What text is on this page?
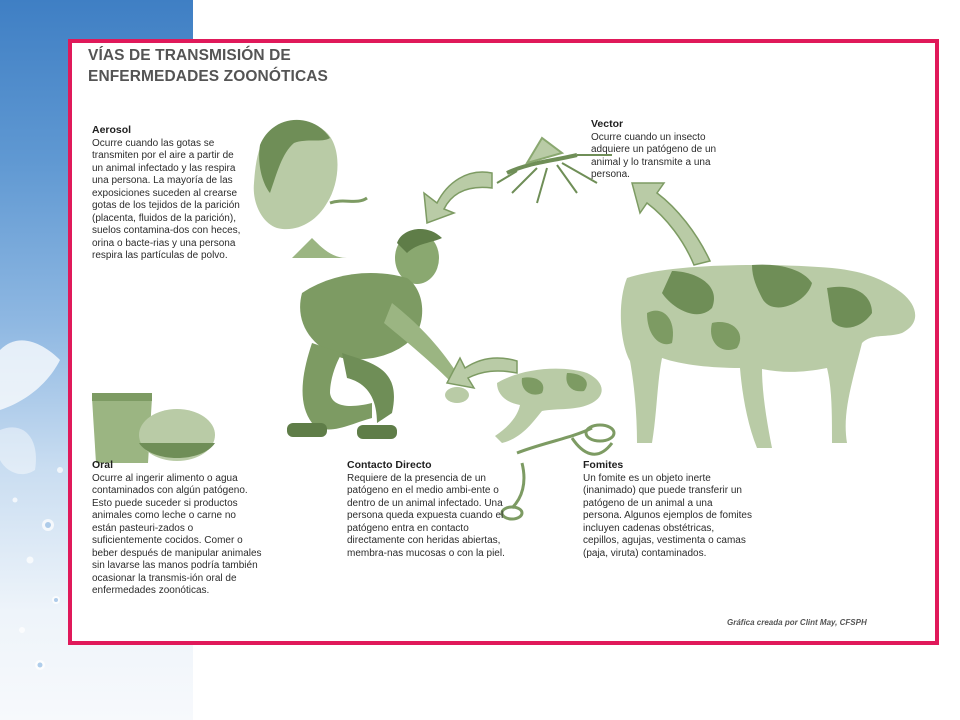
VÍAS DE TRANSMISIÓN DE
ENFERMEDADES ZOONÓTICAS
Aerosol

Ocurre cuando las gotas se transmiten por el aire a partir de un animal infectado y las respira una persona. La mayoría de las exposiciones suceden al crearse gotas de los tejidos de la parición (placenta, fluidos de la parición), suelos contamina-dos con heces, orina o bacte-rias y una persona respira las partículas de polvo.

Vector

Ocurre cuando un insecto adquiere un patógeno de un animal y lo transmite a una persona.

Oral

Ocurre al ingerir alimento o agua contaminados con algún patógeno. Esto puede suceder si productos animales como leche o carne no están pasteuri-zados o suficientemente cocidos. Comer o beber después de manipular animales sin lavarse las manos podría también ocasionar la transmis-ión oral de enfermedades zoonóticas.

Contacto Directo

Requiere de la presencia de un patógeno en el medio ambi-ente o dentro de un animal infectado. Una persona queda expuesta cuando el patógeno entra en contacto directamente con heridas abiertas, membra-nas mucosas o con la piel.

Fomites

Un fomite es un objeto inerte (inanimado) que puede transferir un patógeno de un animal a una persona. Algunos ejemplos de fomites incluyen cadenas obstétricas, cepillos, agujas, vestimenta o camas (paja, viruta) contaminados.

Gráfica creada por Clint May, CFSPH
